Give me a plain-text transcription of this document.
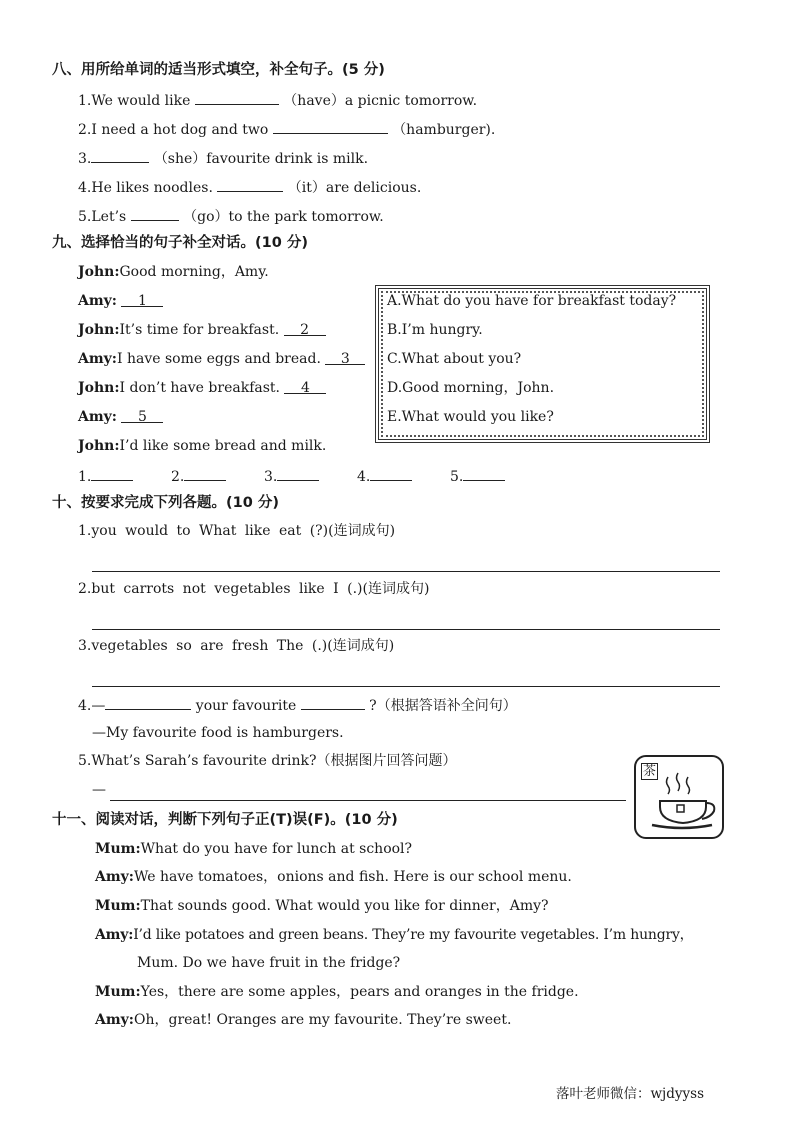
八、用所给单词的适当形式填空，补全句子。(5 分)
1.We would like	（have）a picnic tomorrow.
2.I need a hot dog and two	（hamburger).
3.	（she）favourite drink is milk.
4.He likes noodles.	（it）are delicious.
5.Let’s	（go）to the park tomorrow.
九、选择恰当的句子补全对话。(10 分)
John:Good morning，Amy.
Amy: 1
John:It’s time for breakfast. 2
Amy:I have some eggs and bread. 3
John:I don’t have breakfast. 4
Amy: 5
John:I’d like some bread and milk.
A.What do you have for breakfast today?
B.I’m hungry.
C.What about you?
D.Good morning，John.
E.What would you like?
1.	2.	3.	4.	5.
十、按要求完成下列各题。(10 分)
1.you would to What like eat (?)(连词成句)
2.but carrots not vegetables like I (.)(连词成句)
3.vegetables so are fresh The (.)(连词成句)
4.—	your favourite	?（根据答语补全问句）
—My favourite food is hamburgers.
5.What’s Sarah’s favourite drink?（根据图片回答问题）
—
茶
十一、阅读对话，判断下列句子正(T)误(F)。(10 分)
Mum:What do you have for lunch at school?
Amy:We have tomatoes，onions and fish. Here is our school menu.
Mum:That sounds good. What would you like for dinner，Amy?
Amy:I’d like potatoes and green beans. They’re my favourite vegetables. I’m hungry，
Mum. Do we have fruit in the fridge?
Mum:Yes，there are some apples，pears and oranges in the fridge.
Amy:Oh，great! Oranges are my favourite. They’re sweet.
落叶老师微信：wjdyyss
